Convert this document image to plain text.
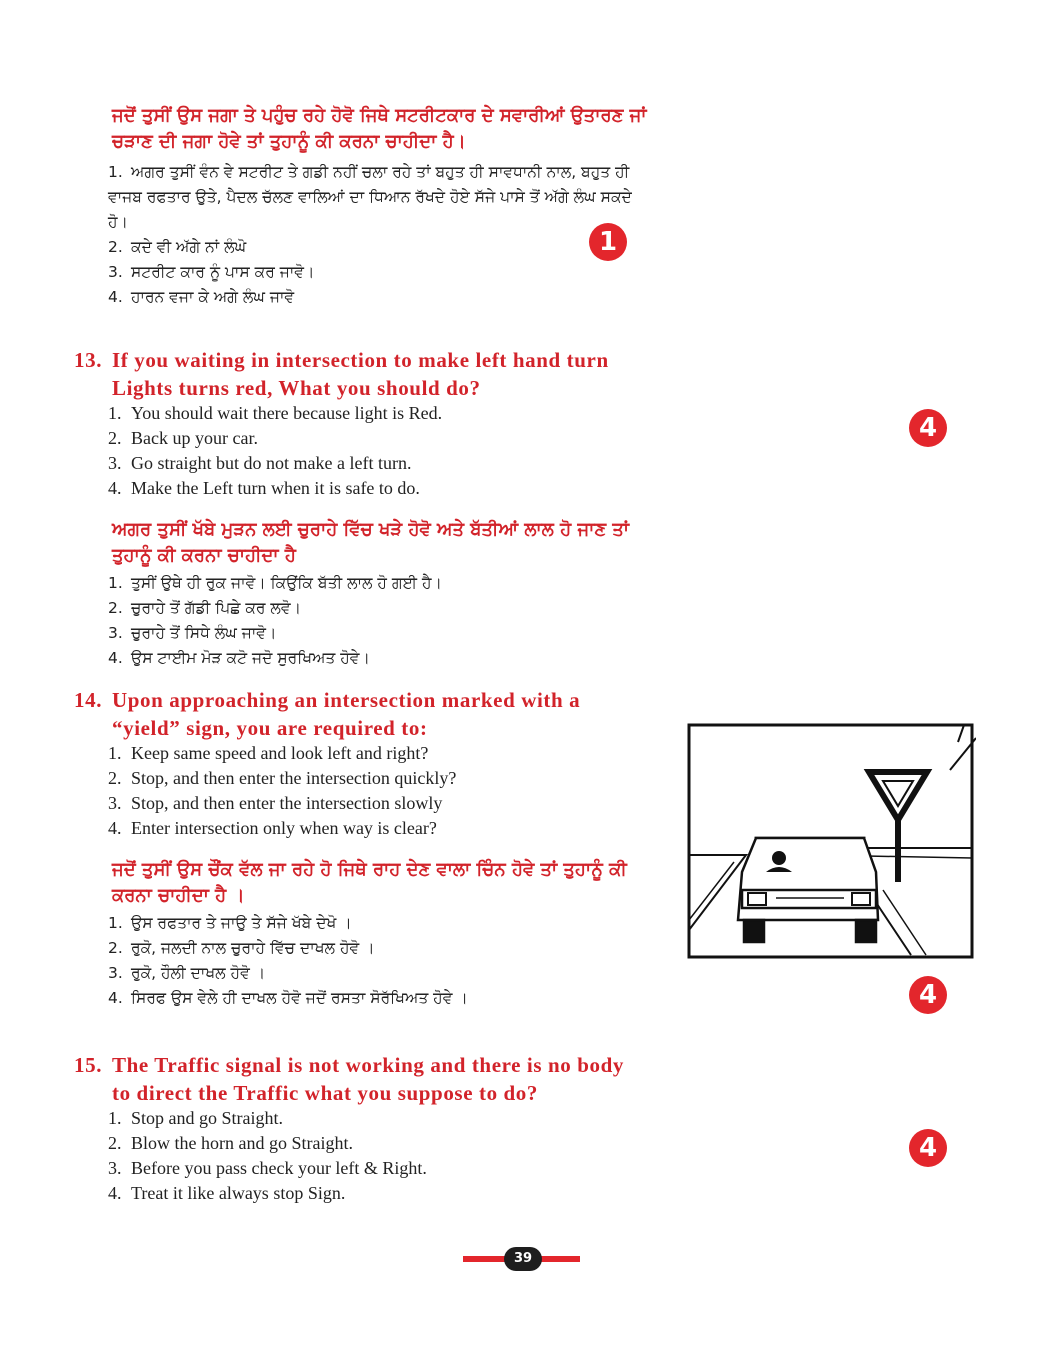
ਜਦੋਂ ਤੁਸੀਂ ਉਸ ਜਗਾ ਤੇ ਪਹੁੰਚ ਰਹੇ ਹੋਵੋ ਜਿਥੇ ਸਟਰੀਟਕਾਰ ਦੇ ਸਵਾਰੀਆਂ ਉਤਾਰਣ ਜਾਂ ਚੜਾਣ ਦੀ ਜਗਾ ਹੋਵੇ ਤਾਂ ਤੁਹਾਨੂੰ ਕੀ ਕਰਨਾ ਚਾਹੀਦਾ ਹੈ।
1. ਅਗਰ ਤੁਸੀਂ ਵੰਨ ਵੇ ਸਟਰੀਟ ਤੇ ਗਡੀ ਨਹੀਂ ਚਲਾ ਰਹੇ ਤਾਂ ਬਹੁਤ ਹੀ ਸਾਵਧਾਨੀ ਨਾਲ, ਬਹੁਤ ਹੀ ਵਾਜਬ ਰਫਤਾਰ ਉਤੇ, ਪੈਦਲ ਚੱਲਣ ਵਾਲਿਆਂ ਦਾ ਧਿਆਨ ਰੱਖਦੇ ਹੋਏ ਸੱਜੇ ਪਾਸੇ ਤੋਂ ਅੱਗੇ ਲੰਘ ਸਕਦੇ ਹੋ।
2. ਕਦੇ ਵੀ ਅੱਗੇ ਨਾਂ ਲੰਘੋ
3. ਸਟਰੀਟ ਕਾਰ ਨੂੰ ਪਾਸ ਕਰ ਜਾਵੋ।
4. ਹਾਰਨ ਵਜਾ ਕੇ ਅਗੇ ਲੰਘ ਜਾਵੋ
1
13. If you waiting in intersection to make left hand turn
Lights turns red, What you should do?
1. You should wait there because light is Red.
2. Back up your car.
3. Go straight but do not make a left turn.
4. Make the Left turn when it is safe to do.
4
ਅਗਰ ਤੁਸੀਂ ਖੱਬੇ ਮੁੜਨ ਲਈ ਚੁਰਾਹੇ ਵਿੱਚ ਖੜੇ ਹੋਵੋ ਅਤੇ ਬੱਤੀਆਂ ਲਾਲ ਹੋ ਜਾਣ ਤਾਂ ਤੁਹਾਨੂੰ ਕੀ ਕਰਨਾ ਚਾਹੀਦਾ ਹੈ
1. ਤੁਸੀਂ ਉਥੇ ਹੀ ਰੁਕ ਜਾਵੋ। ਕਿਉਂਕਿ ਬੱਤੀ ਲਾਲ ਹੋ ਗਈ ਹੈ।
2. ਚੁਰਾਹੇ ਤੋਂ ਗੱਡੀ ਪਿਛੇ ਕਰ ਲਵੋ।
3. ਚੁਰਾਹੇ ਤੋਂ ਸਿਧੇ ਲੰਘ ਜਾਵੋ।
4. ਉਸ ਟਾਈਮ ਮੋੜ ਕਟੋ ਜਦੋ ਸੁਰਖਿਅਤ ਹੋਵੇ।
14. Upon approaching an intersection marked with a
“yield” sign, you are required to:
1. Keep same speed and look left and right?
2. Stop, and then enter the intersection quickly?
3. Stop, and then enter the intersection slowly
4. Enter intersection only when way is clear?
4
ਜਦੋਂ ਤੁਸੀਂ ਉਸ ਚੌਂਕ ਵੱਲ ਜਾ ਰਹੇ ਹੋ ਜਿਥੇ ਰਾਹ ਦੇਣ ਵਾਲਾ ਚਿੰਨ ਹੋਵੇ ਤਾਂ ਤੁਹਾਨੂੰ ਕੀ ਕਰਨਾ ਚਾਹੀਦਾ ਹੈ ।
1. ਉਸ ਰਫਤਾਰ ਤੇ ਜਾਉ ਤੇ ਸੱਜੇ ਖੱਬੇ ਦੇਖੋ ।
2. ਰੁਕੋ, ਜਲਦੀ ਨਾਲ ਚੁਰਾਹੇ ਵਿੱਚ ਦਾਖਲ ਹੋਵੋ ।
3. ਰੁਕੋ, ਹੌਲੀ ਦਾਖਲ ਹੋਵੋ ।
4. ਸਿਰਫ ਉਸ ਵੇਲੇ ਹੀ ਦਾਖਲ ਹੋਵੋ ਜਦੋਂ ਰਸਤਾ ਸੋਰੱਖਿਅਤ ਹੋਵੇ ।
15. The Traffic signal is not working and there is no body
to direct the Traffic what you suppose to do?
1. Stop and go Straight.
2. Blow the horn and go Straight.
3. Before you pass check your left & Right.
4. Treat it like always stop Sign.
4
39
